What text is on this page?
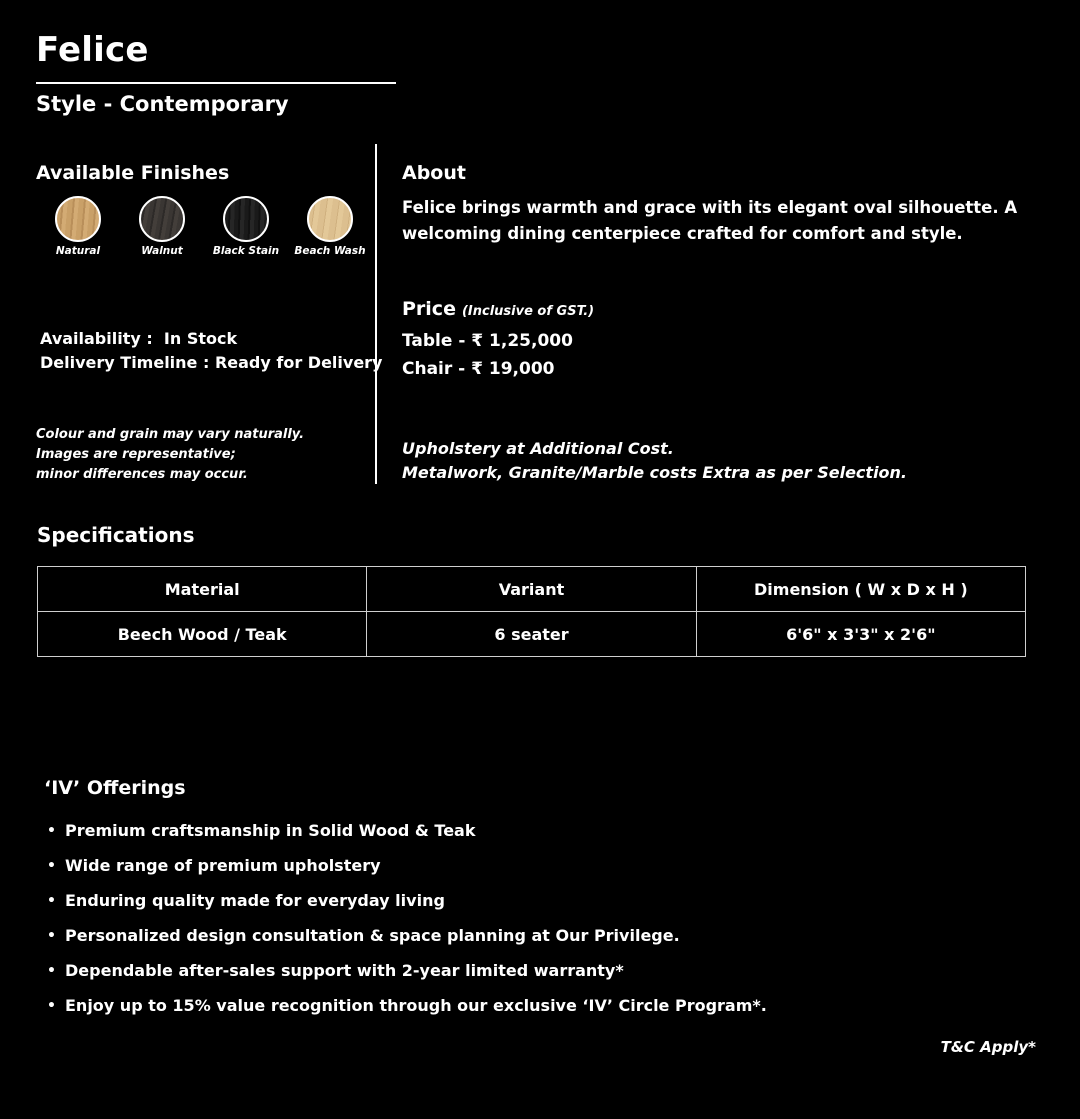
Felice
Style - Contemporary
Available Finishes
Natural	Walnut	Black Stain	Beach Wash
Availability :  In Stock
Delivery Timeline : Ready for Delivery
Colour and grain may vary naturally.
Images are representative;
minor differences may occur.
About
Felice brings warmth and grace with its elegant oval silhouette. A welcoming dining centerpiece crafted for comfort and style.
Price (Inclusive of GST.)
Table - ₹ 1,25,000
Chair - ₹ 19,000
Upholstery at Additional Cost.
Metalwork, Granite/Marble costs Extra as per Selection.
Specifications
Material	Variant	Dimension ( W x D x H )
Beech Wood / Teak	6 seater	6'6" x 3'3" x 2'6"
‘IV’ Offerings
• Premium craftsmanship in Solid Wood & Teak
• Wide range of premium upholstery
• Enduring quality made for everyday living
• Personalized design consultation & space planning at Our Privilege.
• Dependable after-sales support with 2-year limited warranty*
• Enjoy up to 15% value recognition through our exclusive ‘IV’ Circle Program*.
T&C Apply*
